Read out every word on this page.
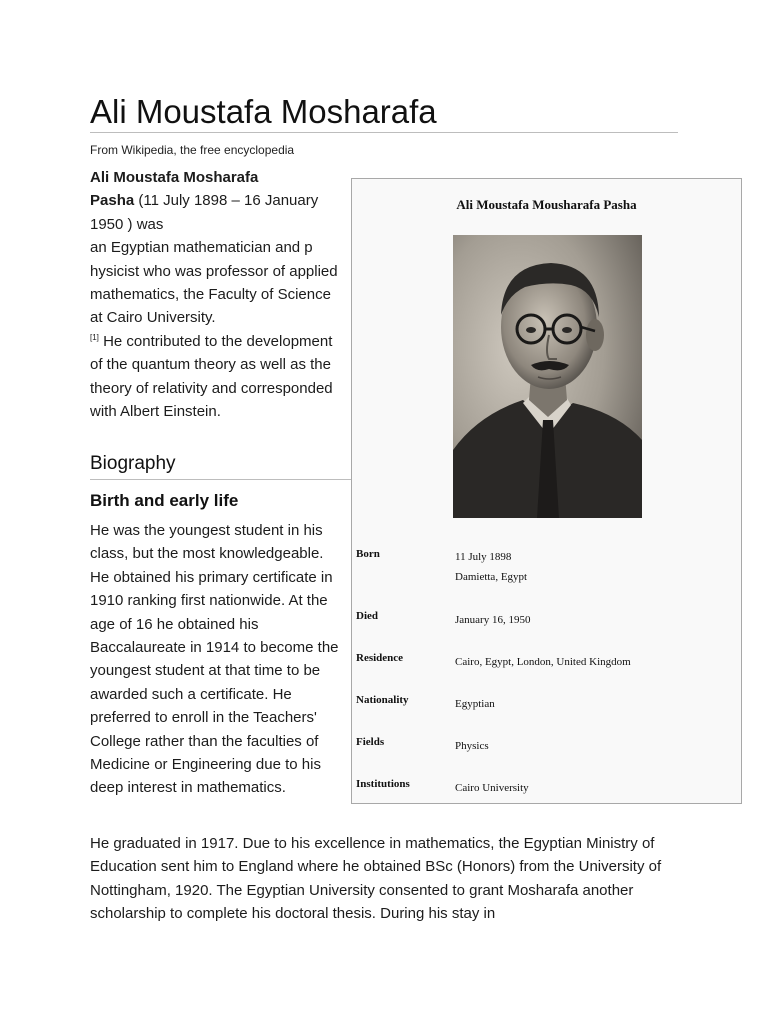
Ali Moustafa Mosharafa
From Wikipedia, the free encyclopedia
Ali Moustafa Mosharafa
Pasha (11 July 1898 – 16 January 1950 ) was
an Egyptian mathematician and p hysicist who was professor of applied mathematics, the Faculty of Science at Cairo University.
[1] He contributed to the development of the quantum theory as well as the theory of relativity and corresponded with Albert Einstein.
Biography
Birth and early life
He was the youngest student in his class, but the most knowledgeable. He obtained his primary certificate in 1910 ranking first nationwide. At the age of 16 he obtained his Baccalaureate in 1914 to become the youngest student at that time to be awarded such a certificate. He preferred to enroll in the Teachers' College rather than the faculties of Medicine or Engineering due to his deep interest in mathematics.
He graduated in 1917. Due to his excellence in mathematics, the Egyptian Ministry of Education sent him to England where he obtained BSc (Honors) from the University of Nottingham, 1920. The Egyptian University consented to grant Mosharafa another scholarship to complete his doctoral thesis. During his stay in
Ali Moustafa Mousharafa Pasha
Born	11 July 1898
Damietta, Egypt
Died	January 16, 1950
Residence	Cairo, Egypt, London, United Kingdom
Nationality	Egyptian
Fields	Physics
Institutions	Cairo University
